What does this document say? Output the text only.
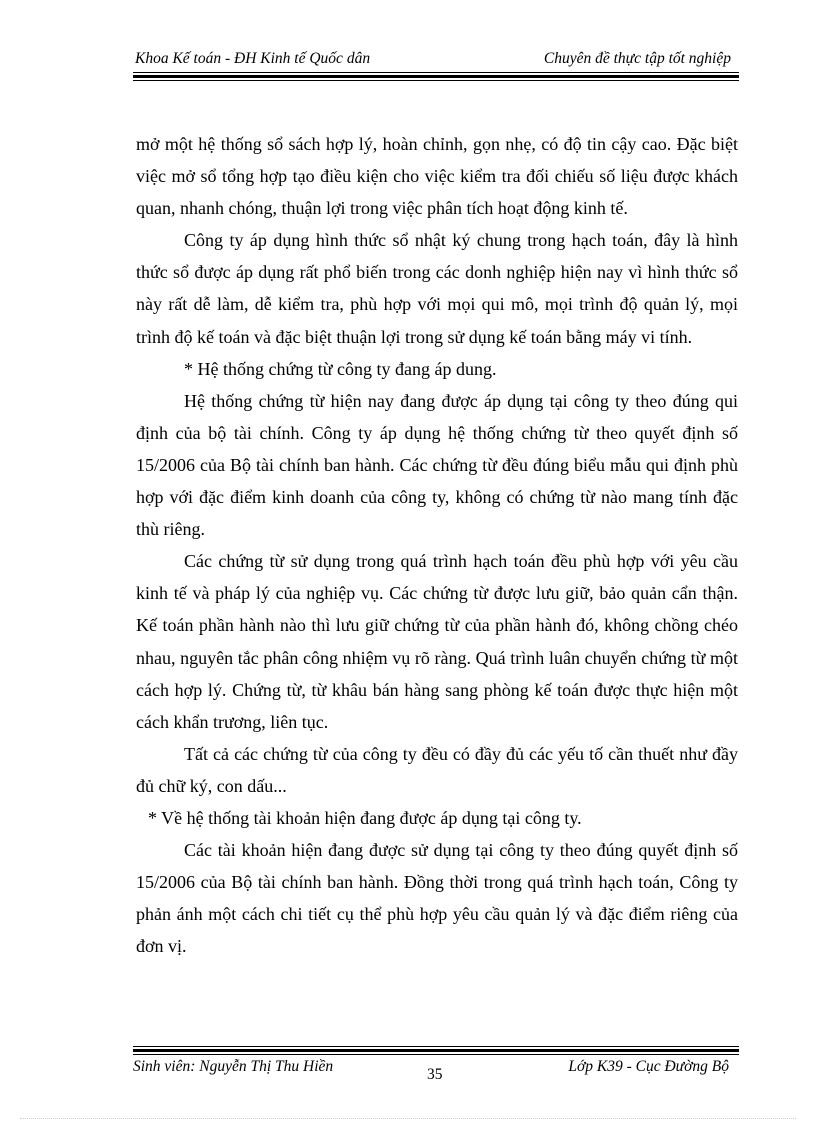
Khoa Kế toán - ĐH Kinh tế Quốc dân	Chuyên đề thực tập tốt nghiệp

mở một hệ thống sổ sách hợp lý, hoàn chỉnh, gọn nhẹ, có độ tin cậy cao. Đặc biệt việc mở sổ tổng hợp tạo điều kiện cho việc kiểm tra đối chiếu số liệu được khách quan, nhanh chóng, thuận lợi trong việc phân tích hoạt động kinh tế.

Công ty áp dụng hình thức sổ nhật ký chung trong hạch toán, đây là hình thức sổ được áp dụng rất phổ biến trong các donh nghiệp hiện nay vì hình thức sổ này rất dễ làm, dễ kiểm tra, phù hợp với mọi qui mô, mọi trình độ quản lý, mọi trình độ kế toán và đặc biệt thuận lợi trong sử dụng kế toán bằng máy vi tính.

* Hệ thống chứng từ công ty đang áp dung.

Hệ thống chứng từ hiện nay đang được áp dụng tại công ty theo đúng qui định của bộ tài chính. Công ty áp dụng hệ thống chứng từ theo quyết định số 15/2006 của Bộ tài chính ban hành. Các chứng từ đều đúng biểu mẫu qui định phù hợp với đặc điểm kinh doanh của công ty, không có chứng từ nào mang tính đặc thù riêng.

Các chứng từ sử dụng trong quá trình hạch toán đều phù hợp với yêu cầu kinh tế và pháp lý của nghiệp vụ. Các chứng từ được lưu giữ, bảo quản cẩn thận. Kế toán phần hành nào thì lưu giữ chứng từ của phần hành đó, không chồng chéo nhau, nguyên tắc phân công nhiệm vụ rõ ràng. Quá trình luân chuyển chứng từ một cách hợp lý. Chứng từ, từ khâu bán hàng sang phòng kế toán được thực hiện một cách khẩn trương, liên tục.

Tất cả các chứng từ của công ty đều có đầy đủ các yếu tố cần thuết như đầy đủ chữ ký, con dấu...

* Về hệ thống tài khoản hiện đang được áp dụng tại công ty.

Các tài khoản hiện đang được sử dụng tại công ty theo đúng quyết định số 15/2006 của Bộ tài chính ban hành. Đồng thời trong quá trình hạch toán, Công ty phản ánh một cách chi tiết cụ thể phù hợp yêu cầu quản lý và đặc điểm riêng của đơn vị.

Sinh viên: Nguyễn Thị Thu Hiền	35	Lớp K39 - Cục Đường Bộ
